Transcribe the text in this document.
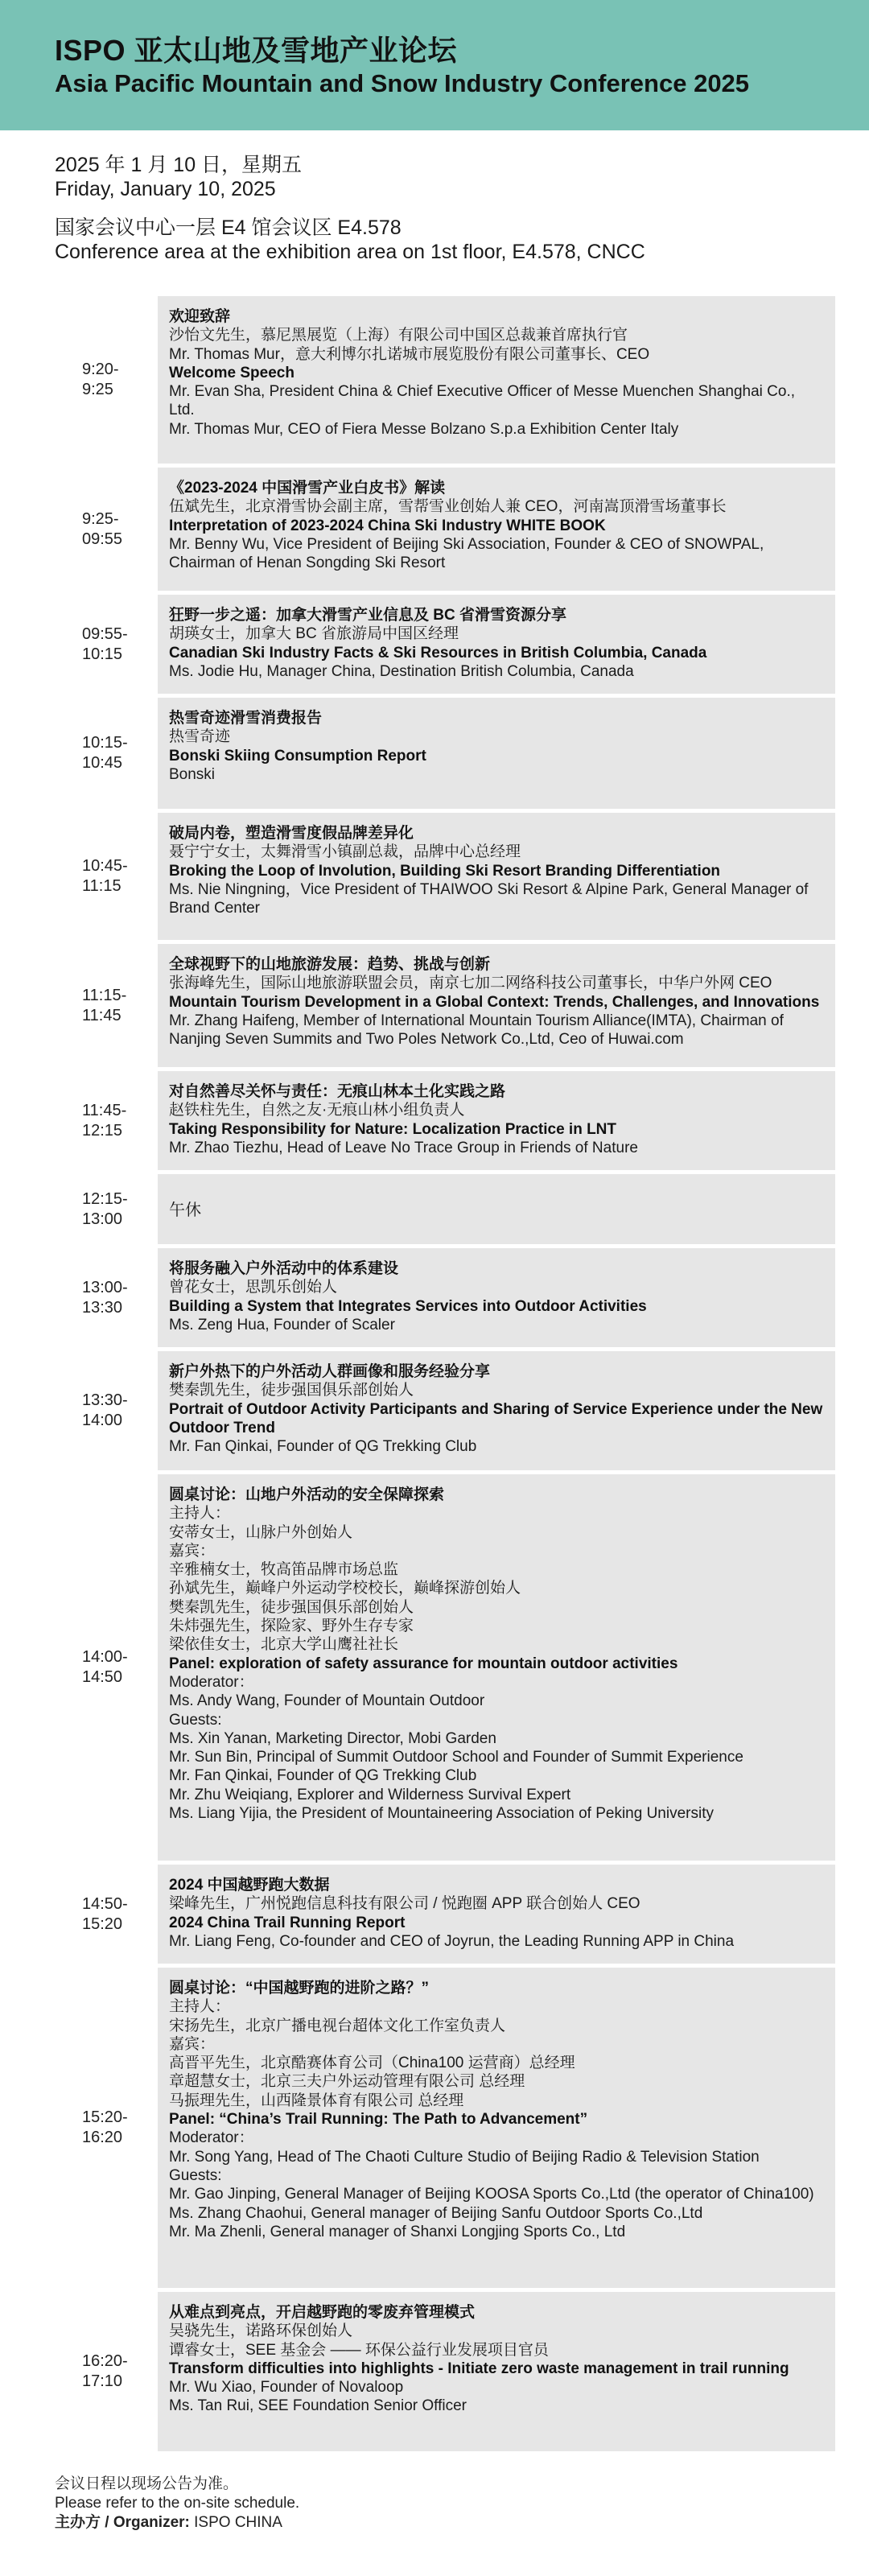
ISPO 亚太山地及雪地产业论坛
Asia Pacific Mountain and Snow Industry Conference 2025
2025 年 1 月 10 日，星期五
Friday, January 10, 2025
国家会议中心一层 E4 馆会议区 E4.578
Conference area at the exhibition area on 1st floor, E4.578, CNCC
9:20-
9:25
欢迎致辞
沙怡文先生，慕尼黑展览（上海）有限公司中国区总裁兼首席执行官
Mr. Thomas Mur，意大利博尔扎诺城市展览股份有限公司董事长、CEO
Welcome Speech
Mr. Evan Sha, President China & Chief Executive Officer of Messe Muenchen Shanghai Co., Ltd.
Mr. Thomas Mur, CEO of Fiera Messe Bolzano S.p.a Exhibition Center Italy
9:25-
09:55
《2023-2024 中国滑雪产业白皮书》解读
伍斌先生，北京滑雪协会副主席，雪帮雪业创始人兼 CEO，河南嵩顶滑雪场董事长
Interpretation of 2023-2024 China Ski Industry WHITE BOOK
Mr. Benny Wu, Vice President of Beijing Ski Association, Founder & CEO of SNOWPAL, Chairman of Henan Songding Ski Resort
09:55-
10:15
狂野一步之遥：加拿大滑雪产业信息及 BC 省滑雪资源分享
胡瑛女士，加拿大 BC 省旅游局中国区经理
Canadian Ski Industry Facts & Ski Resources in British Columbia, Canada
Ms. Jodie Hu, Manager China, Destination British Columbia, Canada
10:15-
10:45
热雪奇迹滑雪消费报告
热雪奇迹
Bonski Skiing Consumption Report
Bonski
10:45-
11:15
破局内卷，塑造滑雪度假品牌差异化
聂宁宁女士，太舞滑雪小镇副总裁，品牌中心总经理
Broking the Loop of Involution, Building Ski Resort Branding Differentiation
Ms. Nie Ningning，Vice President of THAIWOO Ski Resort & Alpine Park, General Manager of Brand Center
11:15-
11:45
全球视野下的山地旅游发展：趋势、挑战与创新
张海峰先生，国际山地旅游联盟会员，南京七加二网络科技公司董事长，中华户外网 CEO
Mountain Tourism Development in a Global Context: Trends, Challenges, and Innovations
Mr. Zhang Haifeng, Member of International Mountain Tourism Alliance(IMTA), Chairman of Nanjing Seven Summits and Two Poles Network Co.,Ltd, Ceo of Huwai.com
11:45-
12:15
对自然善尽关怀与责任：无痕山林本土化实践之路
赵铁柱先生，自然之友·无痕山林小组负责人
Taking Responsibility for Nature: Localization Practice in LNT
Mr. Zhao Tiezhu, Head of Leave No Trace Group in Friends of Nature
12:15-
13:00	午休
13:00-
13:30
将服务融入户外活动中的体系建设
曾花女士，思凯乐创始人
Building a System that Integrates Services into Outdoor Activities
Ms. Zeng Hua, Founder of Scaler
13:30-
14:00
新户外热下的户外活动人群画像和服务经验分享
樊秦凯先生，徒步强国俱乐部创始人
Portrait of Outdoor Activity Participants and Sharing of Service Experience under the New Outdoor Trend
Mr. Fan Qinkai, Founder of QG Trekking Club
14:00-
14:50
圆桌讨论：山地户外活动的安全保障探索
主持人：
安蒂女士，山脉户外创始人
嘉宾：
辛雅楠女士，牧高笛品牌市场总监
孙斌先生，巅峰户外运动学校校长，巅峰探游创始人
樊秦凯先生，徒步强国俱乐部创始人
朱炜强先生，探险家、野外生存专家
梁依佳女士，北京大学山鹰社社长
Panel: exploration of safety assurance for mountain outdoor activities
Moderator：
Ms. Andy Wang, Founder of Mountain Outdoor
Guests:
Ms. Xin Yanan, Marketing Director, Mobi Garden
Mr. Sun Bin, Principal of Summit Outdoor School and Founder of Summit Experience
Mr. Fan Qinkai, Founder of QG Trekking Club
Mr. Zhu Weiqiang, Explorer and Wilderness Survival Expert
Ms. Liang Yijia, the President of Mountaineering Association of Peking University
14:50-
15:20
2024 中国越野跑大数据
梁峰先生，广州悦跑信息科技有限公司 / 悦跑圈 APP 联合创始人 CEO
2024 China Trail Running Report
Mr. Liang Feng, Co-founder and CEO of Joyrun, the Leading Running APP in China
15:20-
16:20
圆桌讨论：“中国越野跑的进阶之路？”
主持人：
宋扬先生，北京广播电视台超体文化工作室负责人
嘉宾：
高晋平先生，北京酷赛体育公司（China100 运营商）总经理
章超慧女士，北京三夫户外运动管理有限公司 总经理
马振理先生，山西隆景体育有限公司 总经理
Panel: “China’s Trail Running: The Path to Advancement”
Moderator：
Mr. Song Yang, Head of The Chaoti Culture Studio of Beijing Radio & Television Station
Guests:
Mr. Gao Jinping, General Manager of Beijing KOOSA Sports Co.,Ltd (the operator of China100)
Ms. Zhang Chaohui, General manager of Beijing Sanfu Outdoor Sports Co.,Ltd
Mr. Ma Zhenli, General manager of Shanxi Longjing Sports Co., Ltd
16:20-
17:10
从难点到亮点，开启越野跑的零废弃管理模式
吴骁先生，诺路环保创始人
谭睿女士，SEE 基金会 —— 环保公益行业发展项目官员
Transform difficulties into highlights - Initiate zero waste management in trail running
Mr. Wu Xiao, Founder of Novaloop
Ms. Tan Rui, SEE Foundation Senior Officer
会议日程以现场公告为准。
Please refer to the on-site schedule.
主办方 / Organizer: ISPO CHINA
